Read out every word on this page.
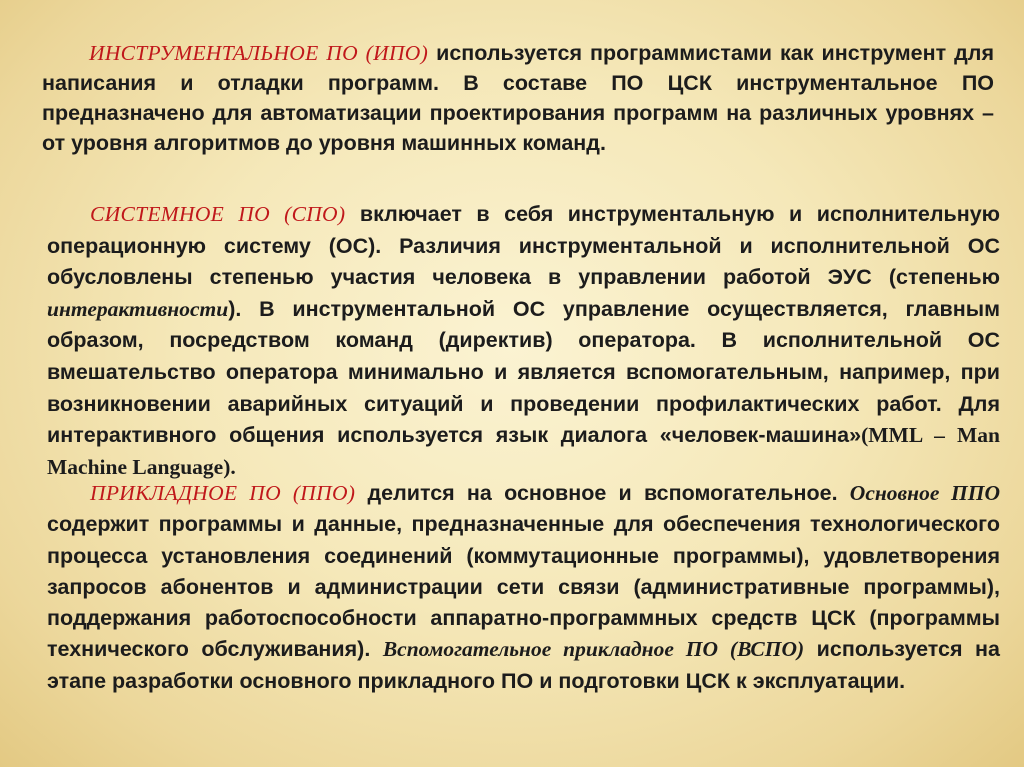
ИНСТРУМЕНТАЛЬНОЕ ПО (ИПО) используется программистами как инструмент для написания и отладки программ. В составе ПО ЦСК инструментальное ПО предназначено для автоматизации проектирования программ на различных уровнях – от уровня алгоритмов до уровня машинных команд.

СИСТЕМНОЕ ПО (СПО) включает в себя инструментальную и исполнительную операционную систему (ОС). Различия инструментальной и исполнительной ОС обусловлены степенью участия человека в управлении работой ЭУС (степенью интерактивности). В инструментальной ОС управление осуществляется, главным образом, посредством команд (директив) оператора. В исполнительной ОС вмешательство оператора минимально и является вспомогательным, например, при возникновении аварийных ситуаций и проведении профилактических работ. Для интерактивного общения используется язык диалога «человек-машина»(MML – Man Machine Language).

ПРИКЛАДНОЕ ПО (ППО) делится на основное и вспомогательное. Основное ППО содержит программы и данные, предназначенные для обеспечения технологического процесса установления соединений (коммутационные программы), удовлетворения запросов абонентов и администрации сети связи (административные программы), поддержания работоспособности аппаратно-программных средств ЦСК (программы технического обслуживания). Вспомогательное прикладное ПО (ВСПО) используется на этапе разработки основного прикладного ПО и подготовки ЦСК к эксплуатации.
